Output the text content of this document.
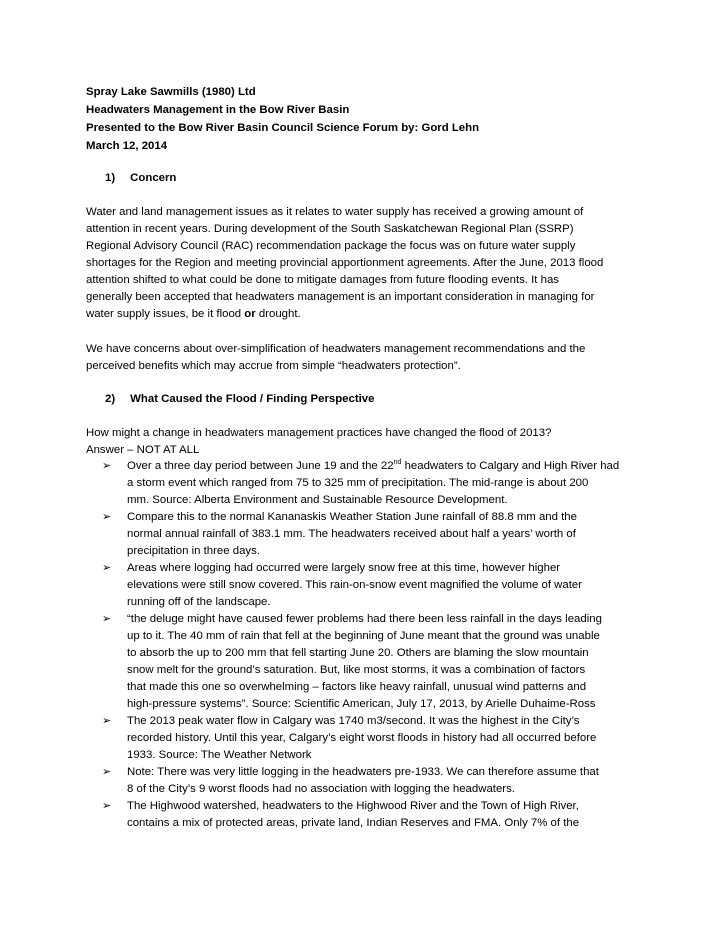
Spray Lake Sawmills (1980) Ltd
Headwaters Management in the Bow River Basin
Presented to the Bow River Basin Council Science Forum by: Gord Lehn
March 12, 2014
1) Concern
Water and land management issues as it relates to water supply has received a growing amount of
attention in recent years. During development of the South Saskatchewan Regional Plan (SSRP)
Regional Advisory Council (RAC) recommendation package the focus was on future water supply
shortages for the Region and meeting provincial apportionment agreements. After the June, 2013 flood
attention shifted to what could be done to mitigate damages from future flooding events. It has
generally been accepted that headwaters management is an important consideration in managing for
water supply issues, be it flood or drought.
We have concerns about over-simplification of headwaters management recommendations and the
perceived benefits which may accrue from simple “headwaters protection”.
2) What Caused the Flood / Finding Perspective
How might a change in headwaters management practices have changed the flood of 2013?
Answer – NOT AT ALL
➢ Over a three day period between June 19 and the 22nd headwaters to Calgary and High River had
a storm event which ranged from 75 to 325 mm of precipitation. The mid-range is about 200
mm. Source: Alberta Environment and Sustainable Resource Development.
➢ Compare this to the normal Kananaskis Weather Station June rainfall of 88.8 mm and the
normal annual rainfall of 383.1 mm. The headwaters received about half a years’ worth of
precipitation in three days.
➢ Areas where logging had occurred were largely snow free at this time, however higher
elevations were still snow covered. This rain-on-snow event magnified the volume of water
running off of the landscape.
➢ “the deluge might have caused fewer problems had there been less rainfall in the days leading
up to it. The 40 mm of rain that fell at the beginning of June meant that the ground was unable
to absorb the up to 200 mm that fell starting June 20. Others are blaming the slow mountain
snow melt for the ground’s saturation. But, like most storms, it was a combination of factors
that made this one so overwhelming – factors like heavy rainfall, unusual wind patterns and
high-pressure systems”. Source: Scientific American, July 17, 2013, by Arielle Duhaime-Ross
➢ The 2013 peak water flow in Calgary was 1740 m3/second. It was the highest in the City’s
recorded history. Until this year, Calgary’s eight worst floods in history had all occurred before
1933. Source: The Weather Network
➢ Note: There was very little logging in the headwaters pre-1933. We can therefore assume that
8 of the City’s 9 worst floods had no association with logging the headwaters.
➢ The Highwood watershed, headwaters to the Highwood River and the Town of High River,
contains a mix of protected areas, private land, Indian Reserves and FMA. Only 7% of the
